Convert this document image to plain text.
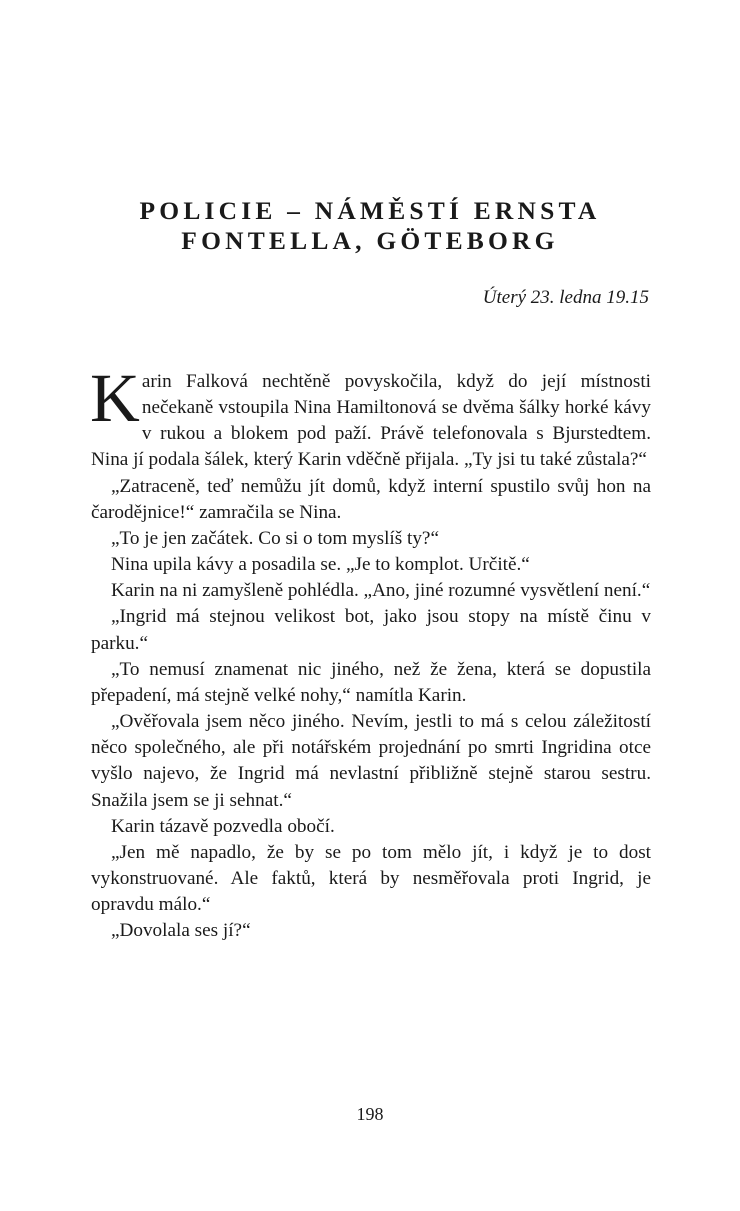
POLICIE – NÁMĚSTÍ ERNSTA
FONTELLA, GÖTEBORG
Úterý 23. ledna 19.15

Karin Falková nechtěně povyskočila, když do její místnosti nečekaně vstoupila Nina Hamiltonová se dvěma šálky horké kávy v rukou a blokem pod paží. Právě telefonovala s Bjurstedtem. Nina jí podala šálek, který Karin vděčně přijala. „Ty jsi tu také zůstala?“

„Zatraceně, teď nemůžu jít domů, když interní spustilo svůj hon na čarodějnice!“ zamračila se Nina.

„To je jen začátek. Co si o tom myslíš ty?“

Nina upila kávy a posadila se. „Je to komplot. Určitě.“

Karin na ni zamyšleně pohlédla. „Ano, jiné rozumné vysvětlení není.“

„Ingrid má stejnou velikost bot, jako jsou stopy na místě činu v parku.“

„To nemusí znamenat nic jiného, než že žena, která se dopustila přepadení, má stejně velké nohy,“ namítla Karin.

„Ověřovala jsem něco jiného. Nevím, jestli to má s celou záležitostí něco společného, ale při notářském projednání po smrti Ingridina otce vyšlo najevo, že Ingrid má nevlastní přibližně stejně starou sestru. Snažila jsem se ji sehnat.“

Karin tázavě pozvedla obočí.

„Jen mě napadlo, že by se po tom mělo jít, i když je to dost vykonstruované. Ale faktů, která by nesměřovala proti Ingrid, je opravdu málo.“

„Dovolala ses jí?“

198
